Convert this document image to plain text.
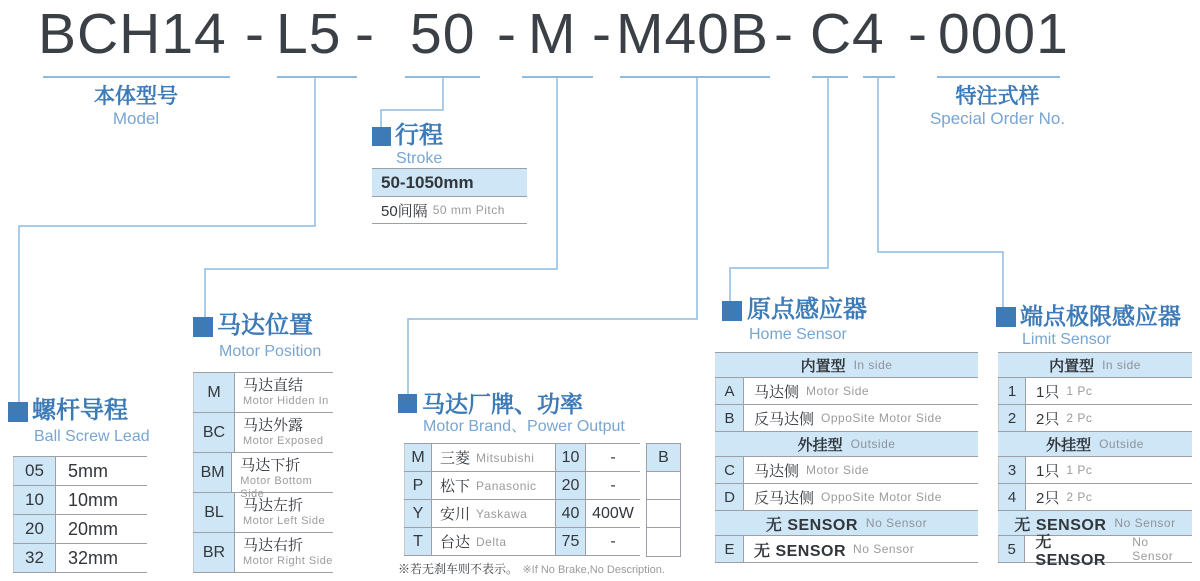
BCH14 - L5 - 50 - M - M40B - C 4 - 0001
本体型号
Model
特注式样
Special Order No.
行程
Stroke
50-1050mm
50间隔 50 mm Pitch
螺杆导程
Ball Screw Lead
05	5mm
10	10mm
20	20mm
32	32mm
马达位置
Motor Position
M	马达直结
Motor Hidden In
BC	马达外露
Motor Exposed
BM	马达下折
Motor Bottom Side
BL	马达左折
Motor Left Side
BR	马达右折
Motor Right Side
马达厂牌、功率
Motor Brand、Power Output
M	三菱 Mitsubishi	10	-
P	松下 Panasonic	20	-
Y	安川 Yaskawa	40 400W
T	台达 Delta	75	-
B
※若无刹车则不表示。 ※If No Brake,No Description.
原点感应器
Home Sensor
内置型 In side
A	马达侧 Motor Side
B	反马达侧 OppoSite Motor Side
外挂型 Outside
C	马达侧 Motor Side
D	反马达侧 OppoSite Motor Side
无 SENSOR No Sensor
E	无 SENSOR No Sensor
端点极限感应器
Limit Sensor
内置型 In side
1	1只 1 Pc
2	2只 2 Pc
外挂型 Outside
3	1只 1 Pc
4	2只 2 Pc
无 SENSOR No Sensor
5	无 SENSOR
No Sensor
